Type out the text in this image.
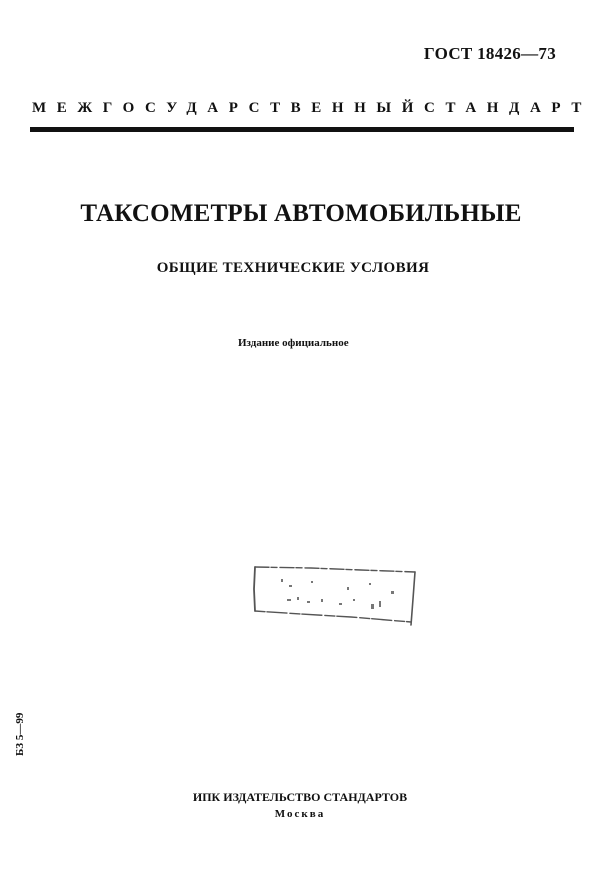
ГОСТ 18426—73
МЕЖГОСУДАРСТВЕННЫЙ СТАНДАРТ
ТАКСОМЕТРЫ АВТОМОБИЛЬНЫЕ
ОБЩИЕ ТЕХНИЧЕСКИЕ УСЛОВИЯ
Издание официальное
БЗ 5—99
ИПК ИЗДАТЕЛЬСТВО СТАНДАРТОВ
Москва
